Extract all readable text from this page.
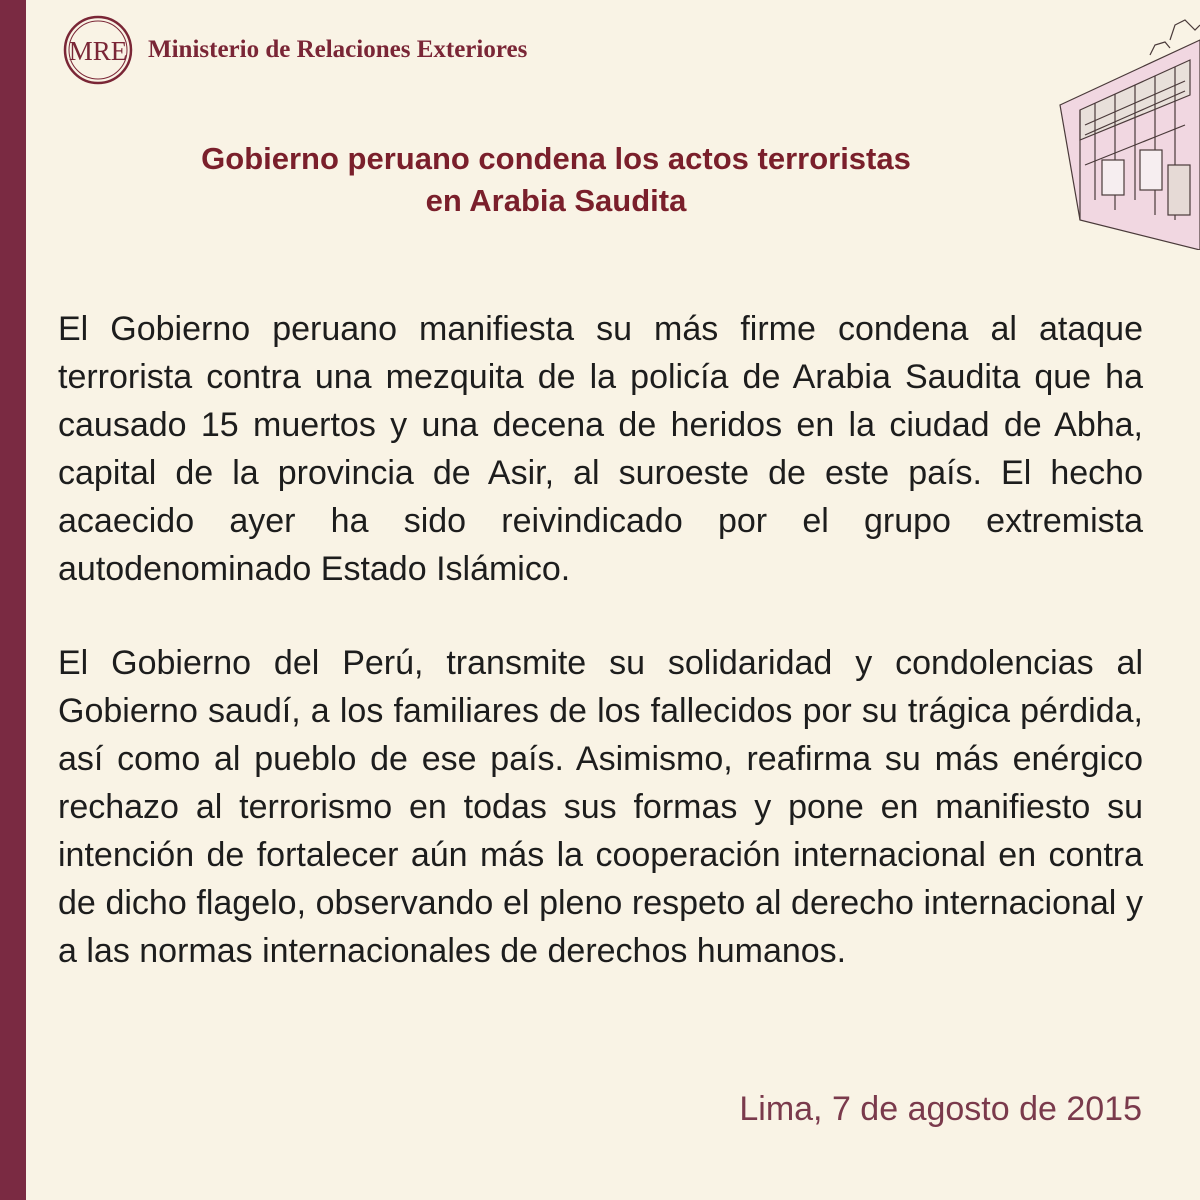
MRE Ministerio de Relaciones Exteriores
Gobierno peruano condena los actos terroristas
en Arabia Saudita

El Gobierno peruano manifiesta su más firme condena al ataque terrorista contra una mezquita de la policía de Arabia Saudita que ha causado 15 muertos y una decena de heridos en la ciudad de Abha, capital de la provincia de Asir, al suroeste de este país. El hecho acaecido ayer ha sido reivindicado por el grupo extremista autodenominado Estado Islámico.

El Gobierno del Perú, transmite su solidaridad y condolencias al Gobierno saudí, a los familiares de los fallecidos por su trágica pérdida, así como al pueblo de ese país. Asimismo, reafirma su más enérgico rechazo al terrorismo en todas sus formas y pone en manifiesto su intención de fortalecer aún más la cooperación internacional en contra de dicho flagelo, observando el pleno respeto al derecho internacional y a las normas internacionales de derechos humanos.

Lima, 7 de agosto de 2015
